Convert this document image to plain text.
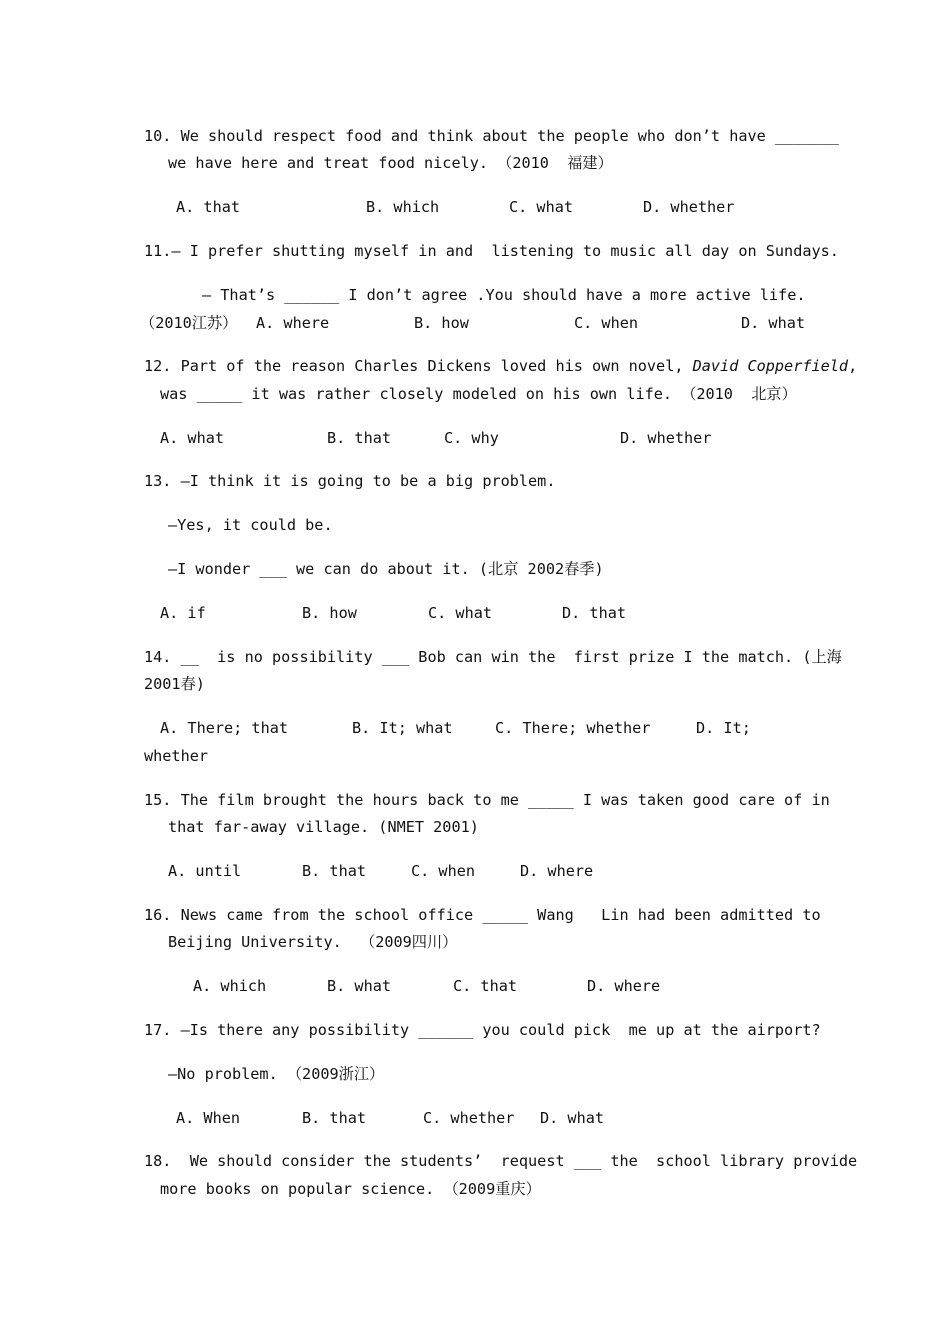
10. We should respect food and think about the people who don’t have _______
we have here and treat food nicely. （2010  福建）
A. that	B. which	C. what	D. whether
11.— I prefer shutting myself in and  listening to music all day on Sundays.
— That’s ______ I don’t agree .You should have a more active life.
（2010江苏） A. where	B. how	C. when	D. what
12. Part of the reason Charles Dickens loved his own novel, David Copperfield,
was _____ it was rather closely modeled on his own life. （2010  北京）
A. what	B. that	C. why	D. whether
13. —I think it is going to be a big problem.
—Yes, it could be.
—I wonder ___ we can do about it. (北京 2002春季)
A. if	B. how	C. what	D. that
14. __  is no possibility ___ Bob can win the  first prize I the match. (上海
2001春)
A. There; that	B. It; what	C. There; whether	D. It;
whether
15. The film brought the hours back to me _____ I was taken good care of in
that far-away village. (NMET 2001)
A. until	B. that	C. when	D. where
16. News came from the school office _____ Wang   Lin had been admitted to
Beijing University.  （2009四川）
A. which	B. what	C. that	D. where
17. —Is there any possibility ______ you could pick  me up at the airport?
—No problem. （2009浙江）
A. When	B. that	C. whether D. what
18.  We should consider the students’  request ___ the  school library provide
more books on popular science. （2009重庆）
